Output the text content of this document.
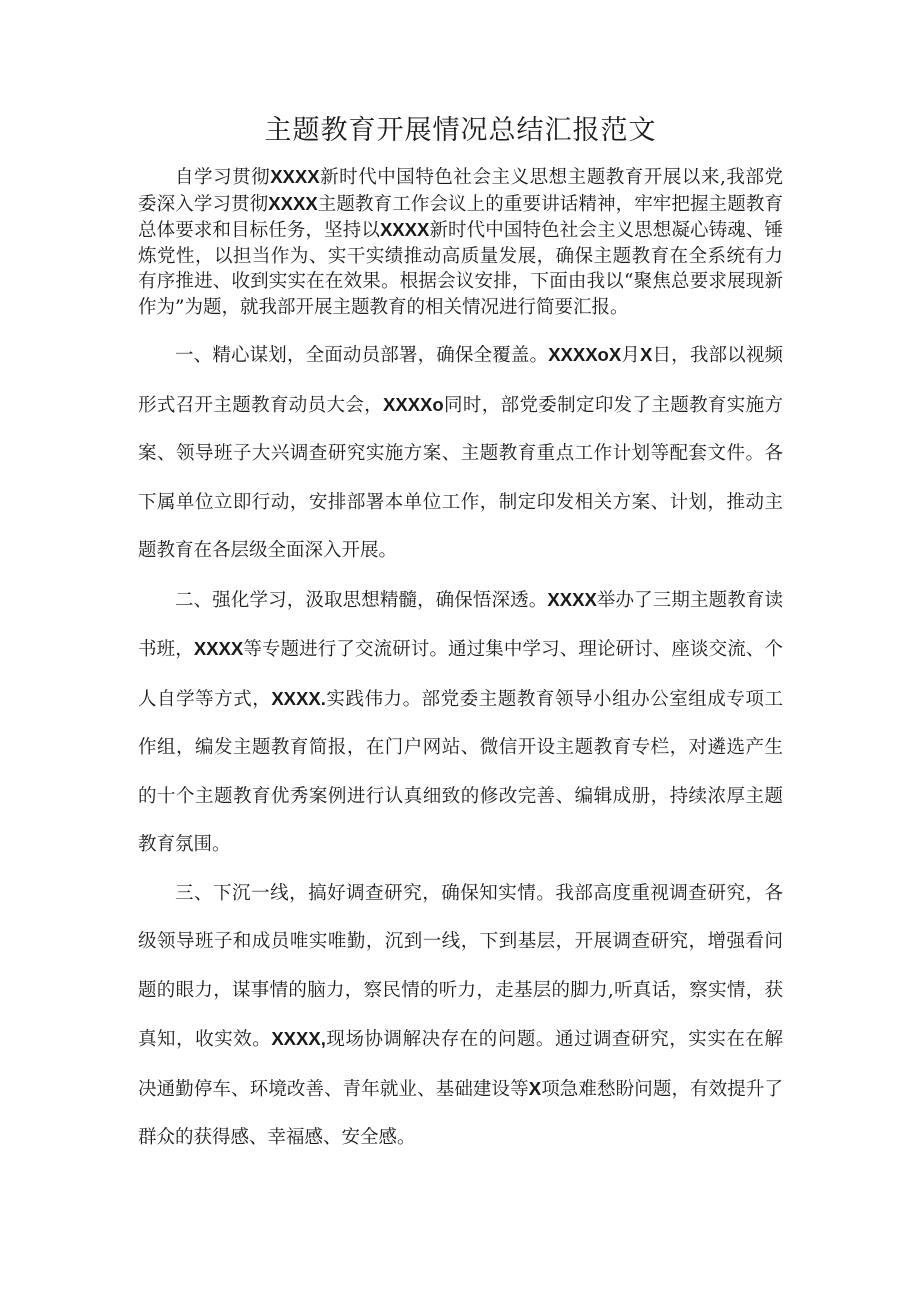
主题教育开展情况总结汇报范文

自学习贯彻XXXX新时代中国特色社会主义思想主题教育开展以来,我部党委深入学习贯彻XXXX主题教育工作会议上的重要讲话精神，牢牢把握主题教育总体要求和目标任务，坚持以XXXX新时代中国特色社会主义思想凝心铸魂、锤炼党性，以担当作为、实干实绩推动高质量发展，确保主题教育在全系统有力有序推进、收到实实在在效果。根据会议安排，下面由我以“聚焦总要求展现新作为”为题，就我部开展主题教育的相关情况进行简要汇报。

一、精心谋划，全面动员部署，确保全覆盖。XXXXoX月X日，我部以视频形式召开主题教育动员大会，XXXXo同时，部党委制定印发了主题教育实施方案、领导班子大兴调查研究实施方案、主题教育重点工作计划等配套文件。各下属单位立即行动，安排部署本单位工作，制定印发相关方案、计划，推动主题教育在各层级全面深入开展。

二、强化学习，汲取思想精髓，确保悟深透。XXXX举办了三期主题教育读书班，XXXX等专题进行了交流研讨。通过集中学习、理论研讨、座谈交流、个人自学等方式，XXXX.实践伟力。部党委主题教育领导小组办公室组成专项工作组，编发主题教育简报，在门户网站、微信开设主题教育专栏，对遴选产生的十个主题教育优秀案例进行认真细致的修改完善、编辑成册，持续浓厚主题教育氛围。

三、下沉一线，搞好调查研究，确保知实情。我部高度重视调查研究，各级领导班子和成员唯实唯勤，沉到一线，下到基层，开展调查研究，增强看问题的眼力，谋事情的脑力，察民情的听力，走基层的脚力,听真话，察实情，获真知，收实效。XXXX,现场协调解决存在的问题。通过调查研究，实实在在解决通勤停车、环境改善、青年就业、基础建设等X项急难愁盼问题，有效提升了群众的获得感、幸福感、安全感。
